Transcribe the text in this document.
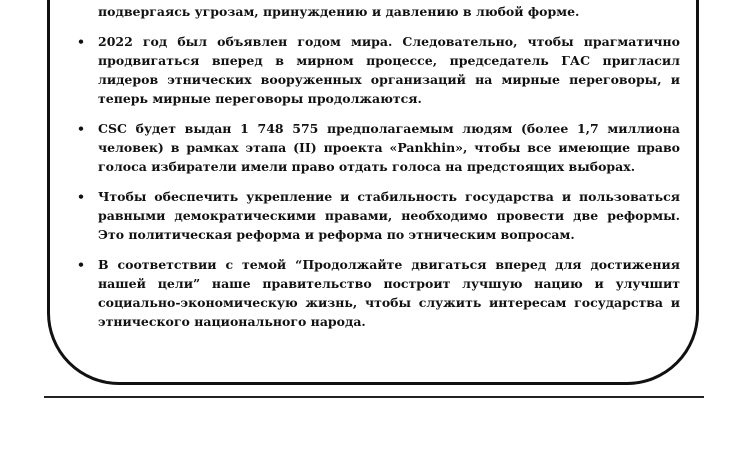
подвергаясь угрозам, принуждению и давлению в любой форме.

• 2022 год был объявлен годом мира. Следовательно, чтобы прагматично продвигаться вперед в мирном процессе, председатель ГАС пригласил лидеров этнических вооруженных организаций на мирные переговоры, и теперь мирные переговоры продолжаются.
• CSC будет выдан 1 748 575 предполагаемым людям (более 1,7 миллиона человек) в рамках этапа (II) проекта «Pankhin», чтобы все имеющие право голоса избиратели имели право отдать голоса на предстоящих выборах.
• Чтобы обеспечить укрепление и стабильность государства и пользоваться равными демократическими правами, необходимо провести две реформы. Это политическая реформа и реформа по этническим вопросам.
• В соответствии с темой “Продолжайте двигаться вперед для достижения нашей цели” наше правительство построит лучшую нацию и улучшит социально-экономическую жизнь, чтобы служить интересам государства и этнического национального народа.
